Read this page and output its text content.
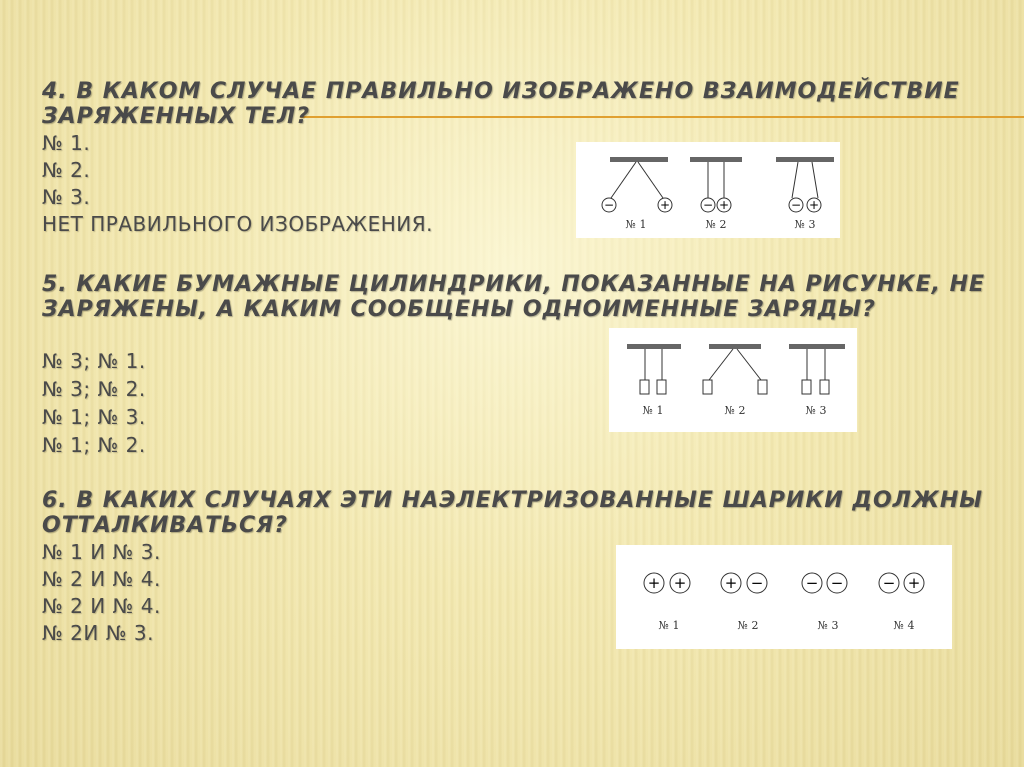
4. В КАКОМ СЛУЧАЕ ПРАВИЛЬНО ИЗОБРАЖЕНО ВЗАИМОДЕЙСТВИЕ ЗАРЯЖЕННЫХ ТЕЛ?
№ 1.
№ 2.
№ 3.
НЕТ ПРАВИЛЬНОГО ИЗОБРАЖЕНИЯ.
−	+
№ 1
− +
№ 2
− +
№ 3
5. КАКИЕ БУМАЖНЫЕ ЦИЛИНДРИКИ, ПОКАЗАННЫЕ НА РИСУНКЕ, НЕ ЗАРЯЖЕНЫ, А КАКИМ СООБЩЕНЫ ОДНОИМЕННЫЕ ЗАРЯДЫ?
№ 3; № 1.
№ 3; № 2.
№ 1; № 3.
№ 1; № 2.
№ 1	№ 2	№ 3
6. В КАКИХ СЛУЧАЯХ ЭТИ НАЭЛЕКТРИЗОВАННЫЕ ШАРИКИ ДОЛЖНЫ ОТТАЛКИВАТЬСЯ?
№ 1 И № 3.
№ 2 И № 4.
№ 2 И № 4.
№ 2И № 3.
+ +
№ 1
+ −
№ 2
− −
№ 3
− +
№ 4
